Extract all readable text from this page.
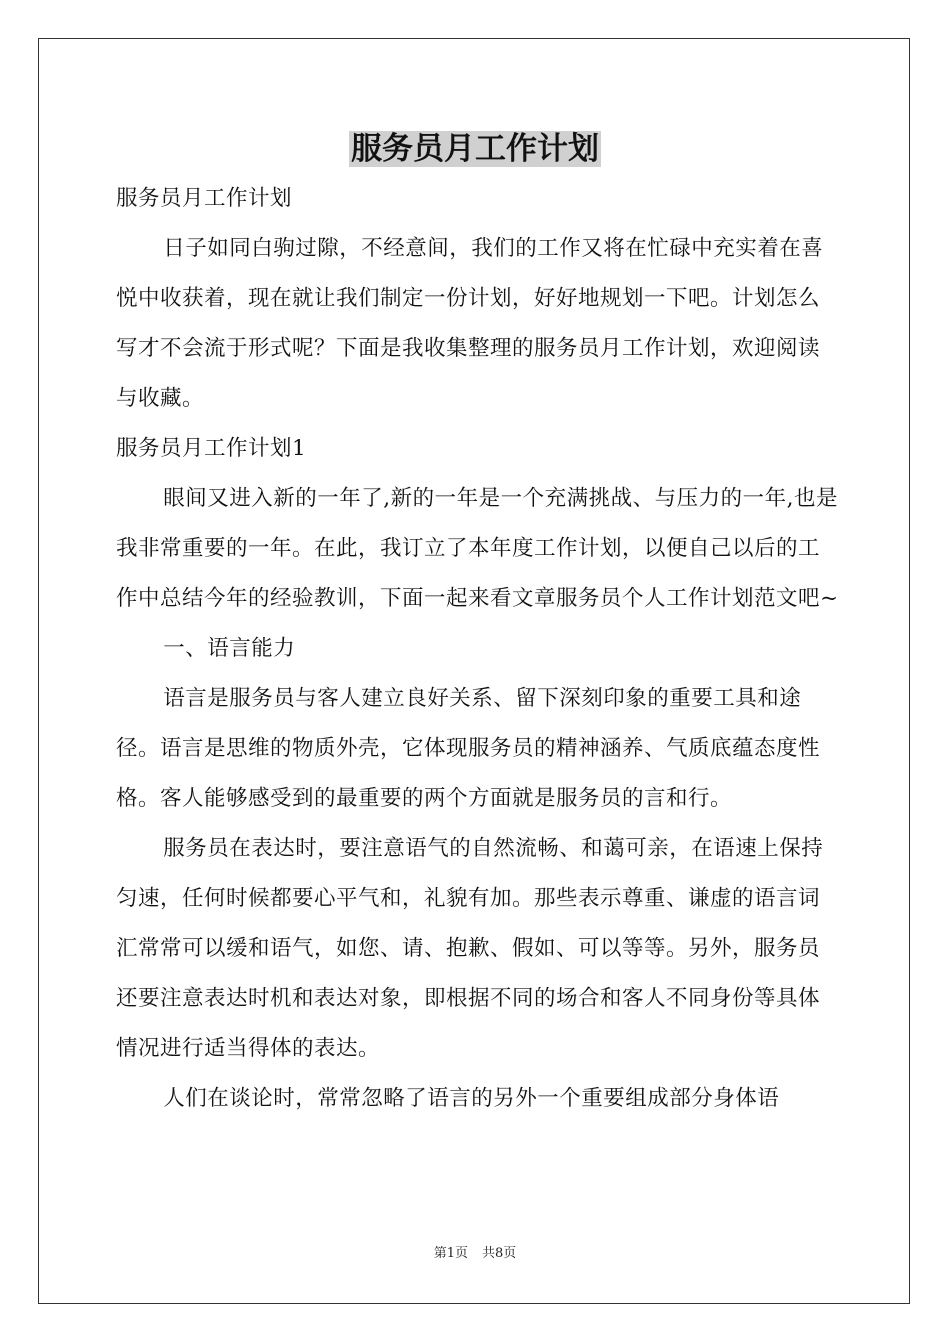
服务员月工作计划

服务员月工作计划

日子如同白驹过隙，不经意间，我们的工作又将在忙碌中充实着在喜悦中收获着，现在就让我们制定一份计划，好好地规划一下吧。计划怎么写才不会流于形式呢？下面是我收集整理的服务员月工作计划，欢迎阅读与收藏。

服务员月工作计划1

眼间又进入新的一年了,新的一年是一个充满挑战、与压力的一年,也是我非常重要的一年。在此，我订立了本年度工作计划，以便自己以后的工作中总结今年的经验教训，下面一起来看文章服务员个人工作计划范文吧~

一、语言能力

语言是服务员与客人建立良好关系、留下深刻印象的重要工具和途径。语言是思维的物质外壳，它体现服务员的精神涵养、气质底蕴态度性格。客人能够感受到的最重要的两个方面就是服务员的言和行。

服务员在表达时，要注意语气的自然流畅、和蔼可亲，在语速上保持匀速，任何时候都要心平气和，礼貌有加。那些表示尊重、谦虚的语言词汇常常可以缓和语气，如您、请、抱歉、假如、可以等等。另外，服务员还要注意表达时机和表达对象，即根据不同的场合和客人不同身份等具体情况进行适当得体的表达。

人们在谈论时，常常忽略了语言的另外一个重要组成部分身体语

第1页 共8页
